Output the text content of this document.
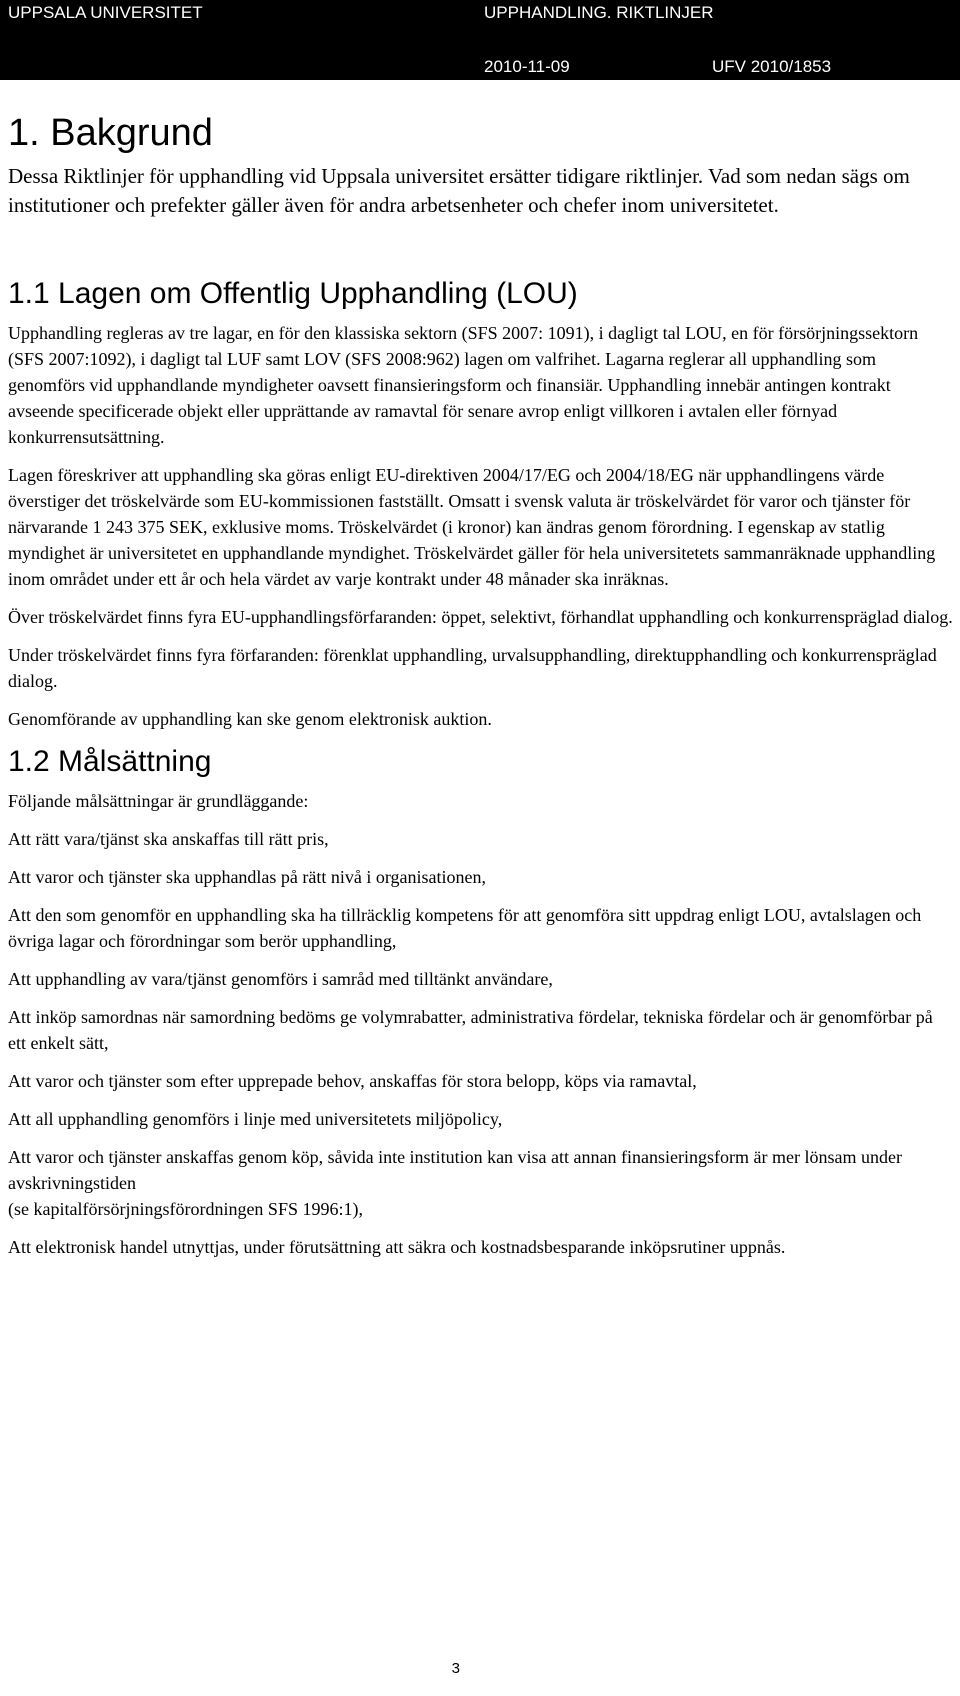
UPPSALA UNIVERSITET	UPPHANDLING. RIKTLINJER
2010-11-09	UFV 2010/1853
1. Bakgrund

Dessa Riktlinjer för upphandling vid Uppsala universitet ersätter tidigare riktlinjer. Vad som nedan sägs om institutioner och prefekter gäller även för andra arbetsenheter och chefer inom universitetet.

1.1 Lagen om Offentlig Upphandling (LOU)

Upphandling regleras av tre lagar, en för den klassiska sektorn (SFS 2007: 1091), i dagligt tal LOU, en för försörjningssektorn (SFS 2007:1092), i dagligt tal LUF samt LOV (SFS 2008:962) lagen om valfrihet. Lagarna reglerar all upphandling som genomförs vid upphandlande myndigheter oavsett finansieringsform och finansiär. Upphandling innebär antingen kontrakt avseende specificerade objekt eller upprättande av ramavtal för senare avrop enligt villkoren i avtalen eller förnyad konkurrensutsättning.

Lagen föreskriver att upphandling ska göras enligt EU-direktiven 2004/17/EG och 2004/18/EG när upphandlingens värde överstiger det tröskelvärde som EU-kommissionen fastställt. Omsatt i svensk valuta är tröskelvärdet för varor och tjänster för närvarande 1 243 375 SEK, exklusive moms. Tröskelvärdet (i kronor) kan ändras genom förordning. I egenskap av statlig myndighet är universitetet en upphandlande myndighet. Tröskelvärdet gäller för hela universitetets sammanräknade upphandling inom området under ett år och hela värdet av varje kontrakt under 48 månader ska inräknas.

Över tröskelvärdet finns fyra EU-upphandlingsförfaranden: öppet, selektivt, förhandlat upphandling och konkurrenspräglad dialog.

Under tröskelvärdet finns fyra förfaranden: förenklat upphandling, urvalsupphandling, direktupphandling och konkurrenspräglad dialog.

Genomförande av upphandling kan ske genom elektronisk auktion.

1.2 Målsättning

Följande målsättningar är grundläggande:

Att rätt vara/tjänst ska anskaffas till rätt pris,
Att varor och tjänster ska upphandlas på rätt nivå i organisationen,
Att den som genomför en upphandling ska ha tillräcklig kompetens för att genomföra sitt uppdrag enligt LOU, avtalslagen och övriga lagar och förordningar som berör upphandling,
Att upphandling av vara/tjänst genomförs i samråd med tilltänkt användare,
Att inköp samordnas när samordning bedöms ge volymrabatter, administrativa fördelar, tekniska fördelar och är genomförbar på ett enkelt sätt,
Att varor och tjänster som efter upprepade behov, anskaffas för stora belopp, köps via ramavtal,
Att all upphandling genomförs i linje med universitetets miljöpolicy,
Att varor och tjänster anskaffas genom köp, såvida inte institution kan visa att annan finansieringsform är mer lönsam under avskrivningstiden
(se kapitalförsörjningsförordningen SFS 1996:1),
Att elektronisk handel utnyttjas, under förutsättning att säkra och kostnadsbesparande inköpsrutiner uppnås.
3
